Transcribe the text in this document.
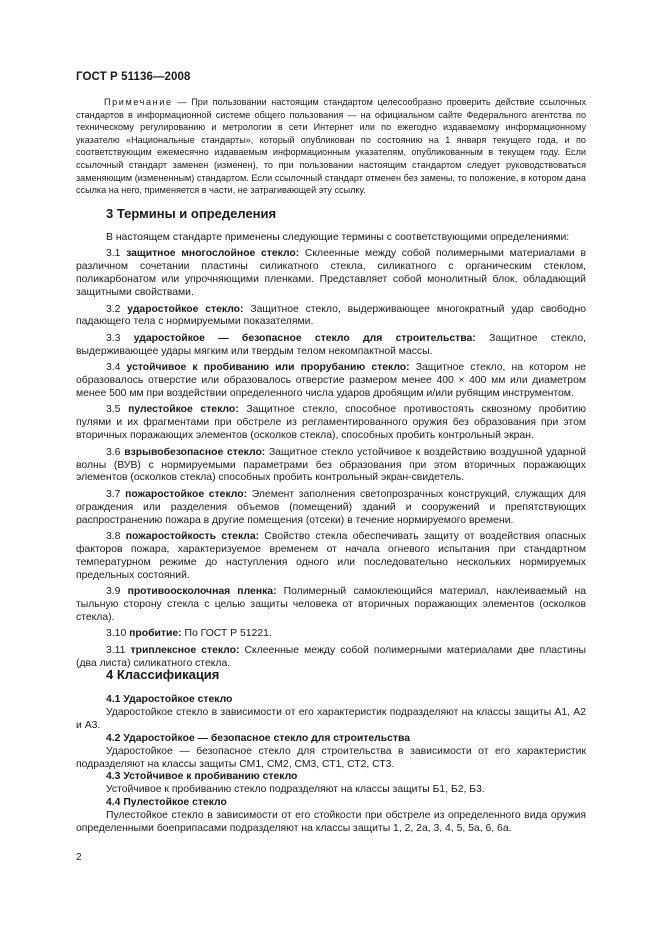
ГОСТ Р 51136—2008
Примечание — При пользовании настоящим стандартом целесообразно проверить действие ссылочных стандартов в информационной системе общего пользования — на официальном сайте Федерального агентства по техническому регулированию и метрологии в сети Интернет или по ежегодно издаваемому информационному указателю «Национальные стандарты», который опубликован по состоянию на 1 января текущего года, и по соответствующим ежемесячно издаваемым информационным указателям, опубликованным в текущем году. Если ссылочный стандарт заменен (изменен), то при пользовании настоящим стандартом следует руководствоваться заменяющим (измененным) стандартом. Если ссылочный стандарт отменен без замены, то положение, в котором дана ссылка на него, применяется в части, не затрагивающей эту ссылку.
3 Термины и определения

В настоящем стандарте применены следующие термины с соответствующими определениями:

3.1 защитное многослойное стекло: Склеенные между собой полимерными материалами в различном сочетании пластины силикатного стекла, силикатного с органическим стеклом, поликарбонатом или упрочняющими пленками. Представляет собой монолитный блок, обладающий защитными свойствами.

3.2 ударостойкое стекло: Защитное стекло, выдерживающее многократный удар свободно падающего тела с нормируемыми показателями.

3.3 ударостойкое — безопасное стекло для строительства: Защитное стекло, выдерживающее удары мягким или твердым телом некомпактной массы.

3.4 устойчивое к пробиванию или прорубанию стекло: Защитное стекло, на котором не образовалось отверстие или образовалось отверстие размером менее 400 × 400 мм или диаметром менее 500 мм при воздействии определенного числа ударов дробящим и/или рубящим инструментом.

3.5 пулестойкое стекло: Защитное стекло, способное противостоять сквозному пробитию пулями и их фрагментами при обстреле из регламентированного оружия без образования при этом вторичных поражающих элементов (осколков стекла), способных пробить контрольный экран.

3.6 взрывобезопасное стекло: Защитное стекло устойчивое к воздействию воздушной ударной волны (ВУВ) с нормируемыми параметрами без образования при этом вторичных поражающих элементов (осколков стекла) способных пробить контрольный экран-свидетель.

3.7 пожаростойкое стекло: Элемент заполнения светопрозрачных конструкций, служащих для ограждения или разделения объемов (помещений) зданий и сооружений и препятствующих распространению пожара в другие помещения (отсеки) в течение нормируемого времени.

3.8 пожаростойкость стекла: Свойство стекла обеспечивать защиту от воздействия опасных факторов пожара, характеризуемое временем от начала огневого испытания при стандартном температурном режиме до наступления одного или последовательно нескольких нормируемых предельных состояний.

3.9 противоосколочная пленка: Полимерный самоклеющийся материал, наклеиваемый на тыльную сторону стекла с целью защиты человека от вторичных поражающих элементов (осколков стекла).

3.10 пробитие: По ГОСТ Р 51221.

3.11 триплексное стекло: Склеенные между собой полимерными материалами две пластины (два листа) силикатного стекла.

4 Классификация

4.1 Ударостойкое стекло

Ударостойкое стекло в зависимости от его характеристик подразделяют на классы защиты А1, А2 и А3.

4.2 Ударостойкое — безопасное стекло для строительства

Ударостойкое — безопасное стекло для строительства в зависимости от его характеристик подразделяют на классы защиты СМ1, СМ2, СМ3, СТ1, СТ2, СТ3.

4.3 Устойчивое к пробиванию стекло

Устойчивое к пробиванию стекло подразделяют на классы защиты Б1, Б2, Б3.

4.4 Пулестойкое стекло

Пулестойкое стекло в зависимости от его стойкости при обстреле из определенного вида оружия определенными боеприпасами подразделяют на классы защиты 1, 2, 2а, 3, 4, 5, 5а, 6, 6а.

2
